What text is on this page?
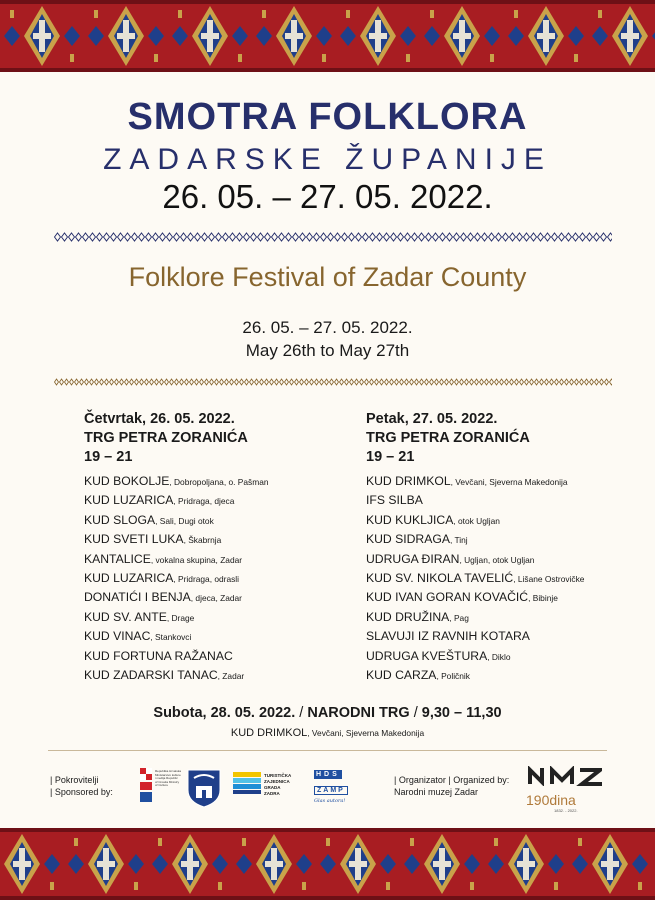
SMOTRA FOLKLORA
ZADARSKE ŽUPANIJE
26. 05. – 27. 05. 2022.
Folklore Festival of Zadar County
26. 05. – 27. 05. 2022.
May 26th to May 27th
Četvrtak, 26. 05. 2022.
TRG PETRA ZORANIĆA
19 – 21
KUD BOKOLJE, Dobropoljana, o. Pašman
KUD LUZARICA, Pridraga, djeca
KUD SLOGA, Sali, Dugi otok
KUD SVETI LUKA, Škabrnja
KANTALICE, vokalna skupina, Zadar
KUD LUZARICA, Pridraga, odrasli
DONATIĆI I BENJA, djeca, Zadar
KUD SV. ANTE, Drage
KUD VINAC, Stankovci
KUD FORTUNA RAŽANAC
KUD ZADARSKI TANAC, Zadar
Petak, 27. 05. 2022.
TRG PETRA ZORANIĆA
19 – 21
KUD DRIMKOL, Vevčani, Sjeverna Makedonija
IFS SILBA
KUD KUKLJICA, otok Ugljan
KUD SIDRAGA, Tinj
UDRUGA ĐIRAN, Ugljan, otok Ugljan
KUD SV. NIKOLA TAVELIĆ, Lišane Ostrovičke
KUD IVAN GORAN KOVAČIĆ, Bibinje
KUD DRUŽINA, Pag
SLAVUJI IZ RAVNIH KOTARA
UDRUGA KVEŠTURA, Diklo
KUD CARZA, Poličnik
Subota, 28. 05. 2022. / NARODNI TRG / 9,30 – 11,30
KUD DRIMKOL, Vevčani, Sjeverna Makedonija
| Pokrovitelji
| Sponsored by:
Republika Hrvatska Ministarstvo kulture i medija Republic of Croatia Ministry of Culture
TURISTIČKA
ZAJEDNICA
GRADA ZADRA
HDS
ZAMP
Glas autora!
| Organizator | Organized by:
Narodni muzej Zadar	190dina
1832. - 2022.
